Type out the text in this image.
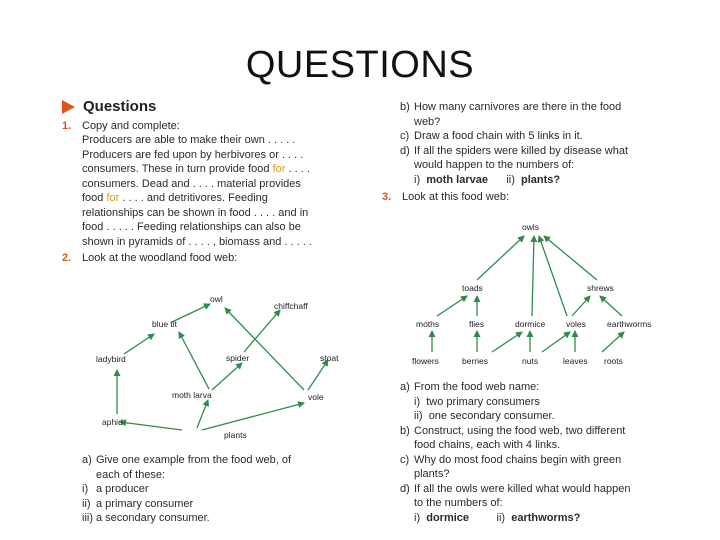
QUESTIONS
Questions
1. Copy and complete:
Producers are able to make their own . . . . .
Producers are fed upon by herbivores or . . . .
consumers. These in turn provide food for . . . .
consumers. Dead and . . . . material provides
food for . . . . and detritivores. Feeding
relationships can be shown in food . . . . and in
food . . . . . Feeding relationships can also be
shown in pyramids of . . . . , biomass and . . . . .
2. Look at the woodland food web:
owl
chiffchaff
blue tit
ladybird	spider	stoat
moth larva	vole
aphid
plants
a) Give one example from the food web, of
each of these:
i) a producer
ii) a primary consumer
iii) a secondary consumer.
b) How many carnivores are there in the food
web?
c) Draw a food chain with 5 links in it.
d) If all the spiders were killed by disease what
would happen to the numbers of:
i) moth larvae ii) plants?
3. Look at this food web:
owls
toads	shrews
moths	flies	dormice voles earthworms
flowers	berries	nuts	leaves roots
a) From the food web name:
i) two primary consumers
ii) one secondary consumer.
b) Construct, using the food web, two different
food chains, each with 4 links.
c) Why do most food chains begin with green
plants?
d) If all the owls were killed what would happen
to the numbers of:
i) dormice	ii) earthworms?
